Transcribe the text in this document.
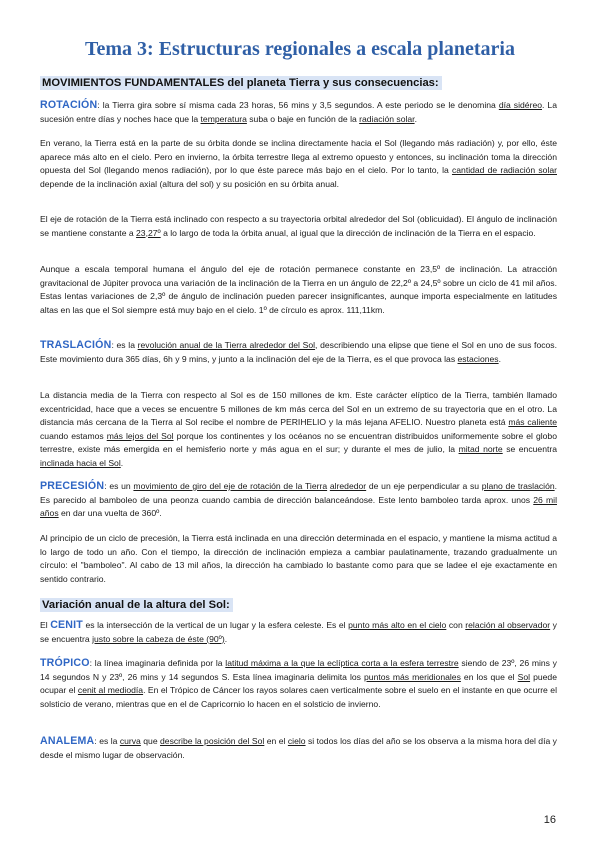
Tema 3: Estructuras regionales a escala planetaria
MOVIMIENTOS FUNDAMENTALES del planeta Tierra y sus consecuencias:

ROTACIÓN: la Tierra gira sobre sí misma cada 23 horas, 56 mins y 3,5 segundos. A este periodo se le denomina día sidéreo. La sucesión entre días y noches hace que la temperatura suba o baje en función de la radiación solar.

En verano, la Tierra está en la parte de su órbita donde se inclina directamente hacia el Sol (llegando más radiación) y, por ello, éste aparece más alto en el cielo. Pero en invierno, la órbita terrestre llega al extremo opuesto y entonces, su inclinación toma la dirección opuesta del Sol (llegando menos radiación), por lo que éste parece más bajo en el cielo. Por lo tanto, la cantidad de radiación solar depende de la inclinación axial (altura del sol) y su posición en su órbita anual.

El eje de rotación de la Tierra está inclinado con respecto a su trayectoria orbital alrededor del Sol (oblicuidad). El ángulo de inclinación se mantiene constante a 23,27º a lo largo de toda la órbita anual, al igual que la dirección de inclinación de la Tierra en el espacio.

Aunque a escala temporal humana el ángulo del eje de rotación permanece constante en 23,5º de inclinación. La atracción gravitacional de Júpiter provoca una variación de la inclinación de la Tierra en un ángulo de 22,2º a 24,5º sobre un ciclo de 41 mil años. Estas lentas variaciones de 2,3º de ángulo de inclinación pueden parecer insignificantes, aunque importa especialmente en latitudes altas en las que el Sol siempre está muy bajo en el cielo. 1º de círculo es aprox. 111,11km.

TRASLACIÓN: es la revolución anual de la Tierra alrededor del Sol, describiendo una elipse que tiene el Sol en uno de sus focos. Este movimiento dura 365 días, 6h y 9 mins, y junto a la inclinación del eje de la Tierra, es el que provoca las estaciones.

La distancia media de la Tierra con respecto al Sol es de 150 millones de km. Este carácter elíptico de la Tierra, también llamado excentricidad, hace que a veces se encuentre 5 millones de km más cerca del Sol en un extremo de su trayectoria que en el otro. La distancia más cercana de la Tierra al Sol recibe el nombre de PERIHELIO y la más lejana AFELIO. Nuestro planeta está más caliente cuando estamos más lejos del Sol porque los continentes y los océanos no se encuentran distribuidos uniformemente sobre el globo terrestre, existe más emergida en el hemisferio norte y más agua en el sur; y durante el mes de julio, la mitad norte se encuentra inclinada hacia el Sol.

PRECESIÓN: es un movimiento de giro del eje de rotación de la Tierra alrededor de un eje perpendicular a su plano de traslación. Es parecido al bamboleo de una peonza cuando cambia de dirección balanceándose. Este lento bamboleo tarda aprox. unos 26 mil años en dar una vuelta de 360º.

Al principio de un ciclo de precesión, la Tierra está inclinada en una dirección determinada en el espacio, y mantiene la misma actitud a lo largo de todo un año. Con el tiempo, la dirección de inclinación empieza a cambiar paulatinamente, trazando gradualmente un círculo: el "bamboleo". Al cabo de 13 mil años, la dirección ha cambiado lo bastante como para que se ladee el eje exactamente en sentido contrario.

Variación anual de la altura del Sol:

El CENIT es la intersección de la vertical de un lugar y la esfera celeste. Es el punto más alto en el cielo con relación al observador y se encuentra justo sobre la cabeza de éste (90º).

TRÓPICO: la línea imaginaria definida por la latitud máxima a la que la eclíptica corta a la esfera terrestre siendo de 23º, 26 mins y 14 segundos N y 23º, 26 mins y 14 segundos S. Esta línea imaginaria delimita los puntos más meridionales en los que el Sol puede ocupar el cenit al mediodía. En el Trópico de Cáncer los rayos solares caen verticalmente sobre el suelo en el instante en que ocurre el solsticio de verano, mientras que en el de Capricornio lo hacen en el solsticio de invierno.

ANALEMA: es la curva que describe la posición del Sol en el cielo si todos los días del año se los observa a la misma hora del día y desde el mismo lugar de observación.

16
